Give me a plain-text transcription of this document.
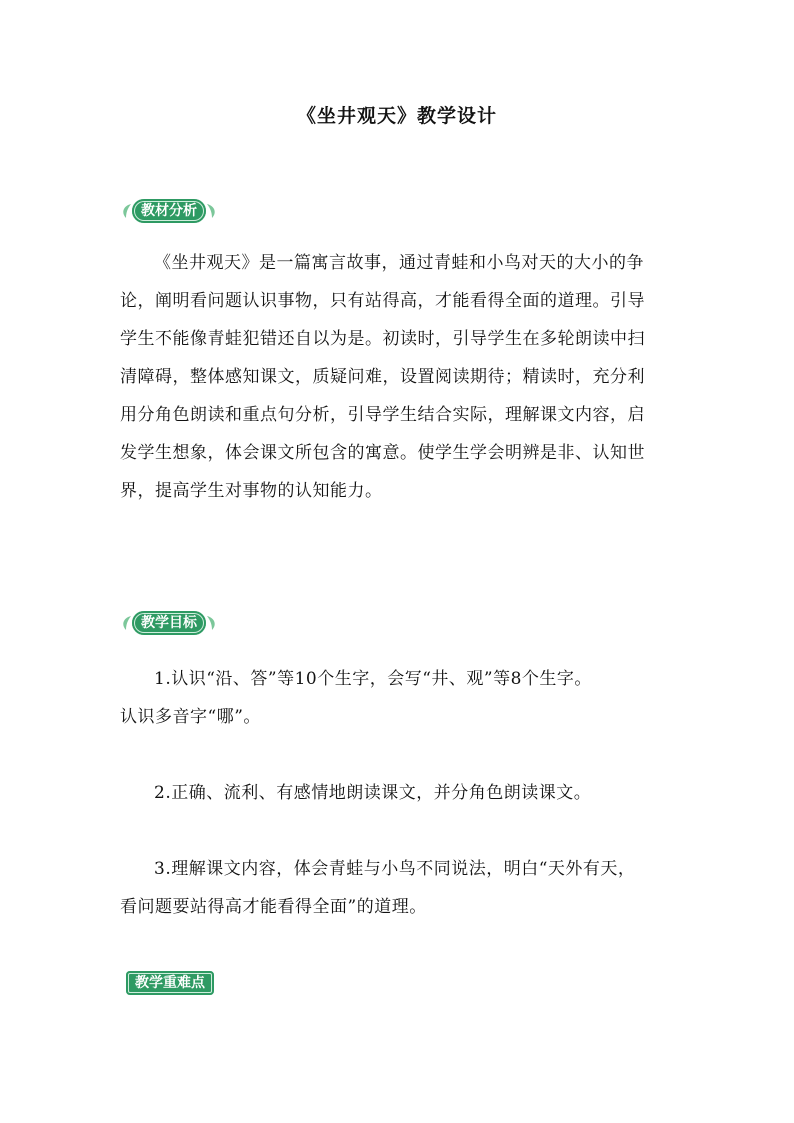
《坐井观天》教学设计
教材分析
《坐井观天》是一篇寓言故事，通过青蛙和小鸟对天的大小的争
论，阐明看问题认识事物，只有站得高，才能看得全面的道理。引导
学生不能像青蛙犯错还自以为是。初读时，引导学生在多轮朗读中扫
清障碍，整体感知课文，质疑问难，设置阅读期待；精读时，充分利
用分角色朗读和重点句分析，引导学生结合实际，理解课文内容，启
发学生想象，体会课文所包含的寓意。使学生学会明辨是非、认知世
界，提高学生对事物的认知能力。
教学目标
1.认识“沿、答”等10个生字，会写“井、观”等8个生字。
认识多音字“哪”。
2.正确、流利、有感情地朗读课文，并分角色朗读课文。
3.理解课文内容，体会青蛙与小鸟不同说法，明白“天外有天，
看问题要站得高才能看得全面”的道理。
教学重难点
